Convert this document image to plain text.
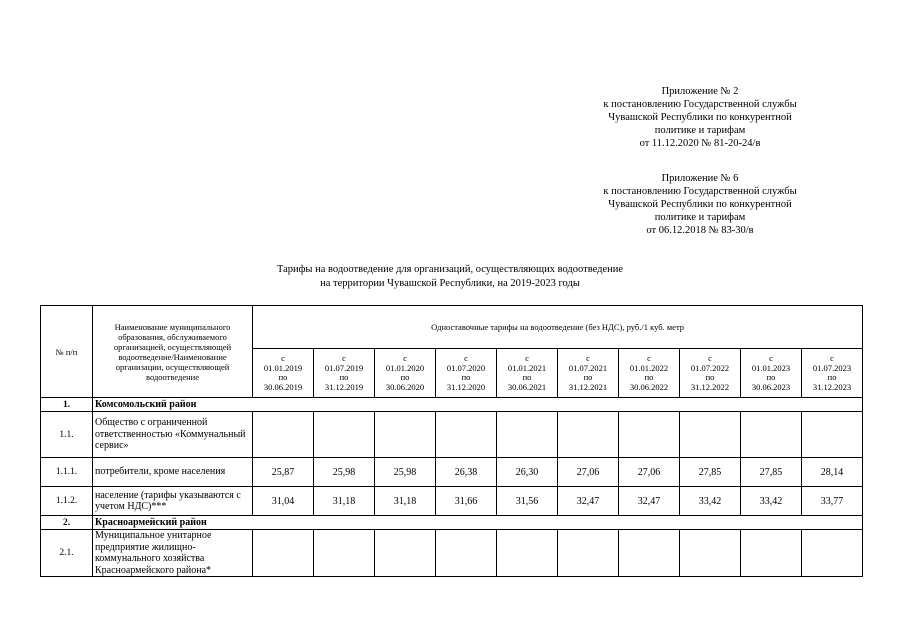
Приложение № 2
к постановлению Государственной службы
Чувашской Республики по конкурентной
политике и тарифам
от 11.12.2020 № 81-20-24/в
Приложение № 6
к постановлению Государственной службы
Чувашской Республики по конкурентной
политике и тарифам
от 06.12.2018 № 83-30/в
Тарифы на водоотведение для организаций, осуществляющих водоотведение
на территории Чувашской Республики, на 2019-2023 годы
№ п/п	Наименование муниципального образования, обслуживаемого организацией, осуществляющей водоотведение/Наименование организации, осуществляющей водоотведение	Одноставочные тарифы на водоотведение (без НДС), руб./1 куб. метр									

		с
01.01.2019
по
30.06.2019	с
01.07.2019
по
31.12.2019	с
01.01.2020
по
30.06.2020	с
01.07.2020
по
31.12.2020	с
01.01.2021
по
30.06.2021	с
01.07.2021
по
31.12.2021	с
01.01.2022
по
30.06.2022	с
01.07.2022
по
31.12.2022	с
01.01.2023
по
30.06.2023	с
01.07.2023
по
31.12.2023

1.	Комсомольский район										
1.1.	Общество с ограниченной ответственностью «Коммунальный сервис»										
1.1.1.	потребители, кроме населения	25,87	25,98	25,98	26,38	26,30	27,06	27,06	27,85	27,85	28,14
1.1.2.	население (тарифы указываются с учетом НДС)***	31,04	31,18	31,18	31,66	31,56	32,47	32,47	33,42	33,42	33,77
2.	Красноармейский район										
2.1.	Муниципальное унитарное предприятие жилищно-коммунального хозяйства Красноармейского района*										
